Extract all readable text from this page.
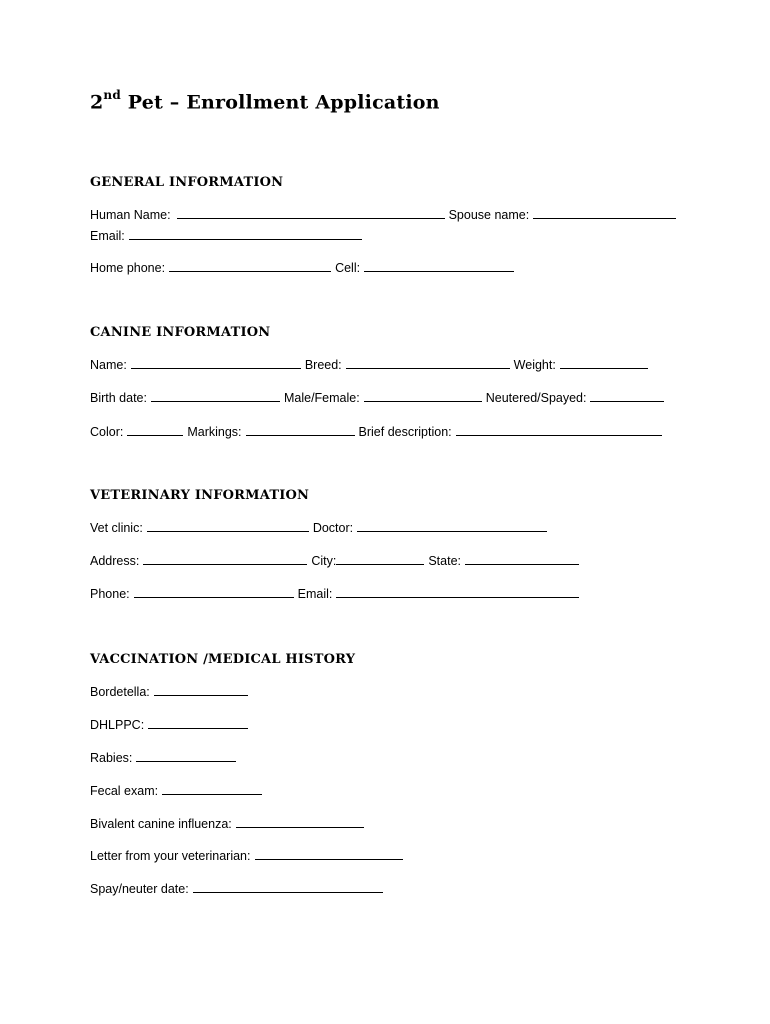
2nd Pet – Enrollment Application
GENERAL INFORMATION
Human Name:	Spouse name:
Email:
Home phone:	Cell:
CANINE INFORMATION
Name:	Breed:	Weight:
Birth date:	Male/Female:	Neutered/Spayed:
Color:	Markings:	Brief description:
VETERINARY INFORMATION
Vet clinic:	Doctor:
Address:	City:	State:
Phone:	Email:
VACCINATION /MEDICAL HISTORY
Bordetella:
DHLPPC:
Rabies:
Fecal exam:
Bivalent canine influenza:
Letter from your veterinarian:
Spay/neuter date:
